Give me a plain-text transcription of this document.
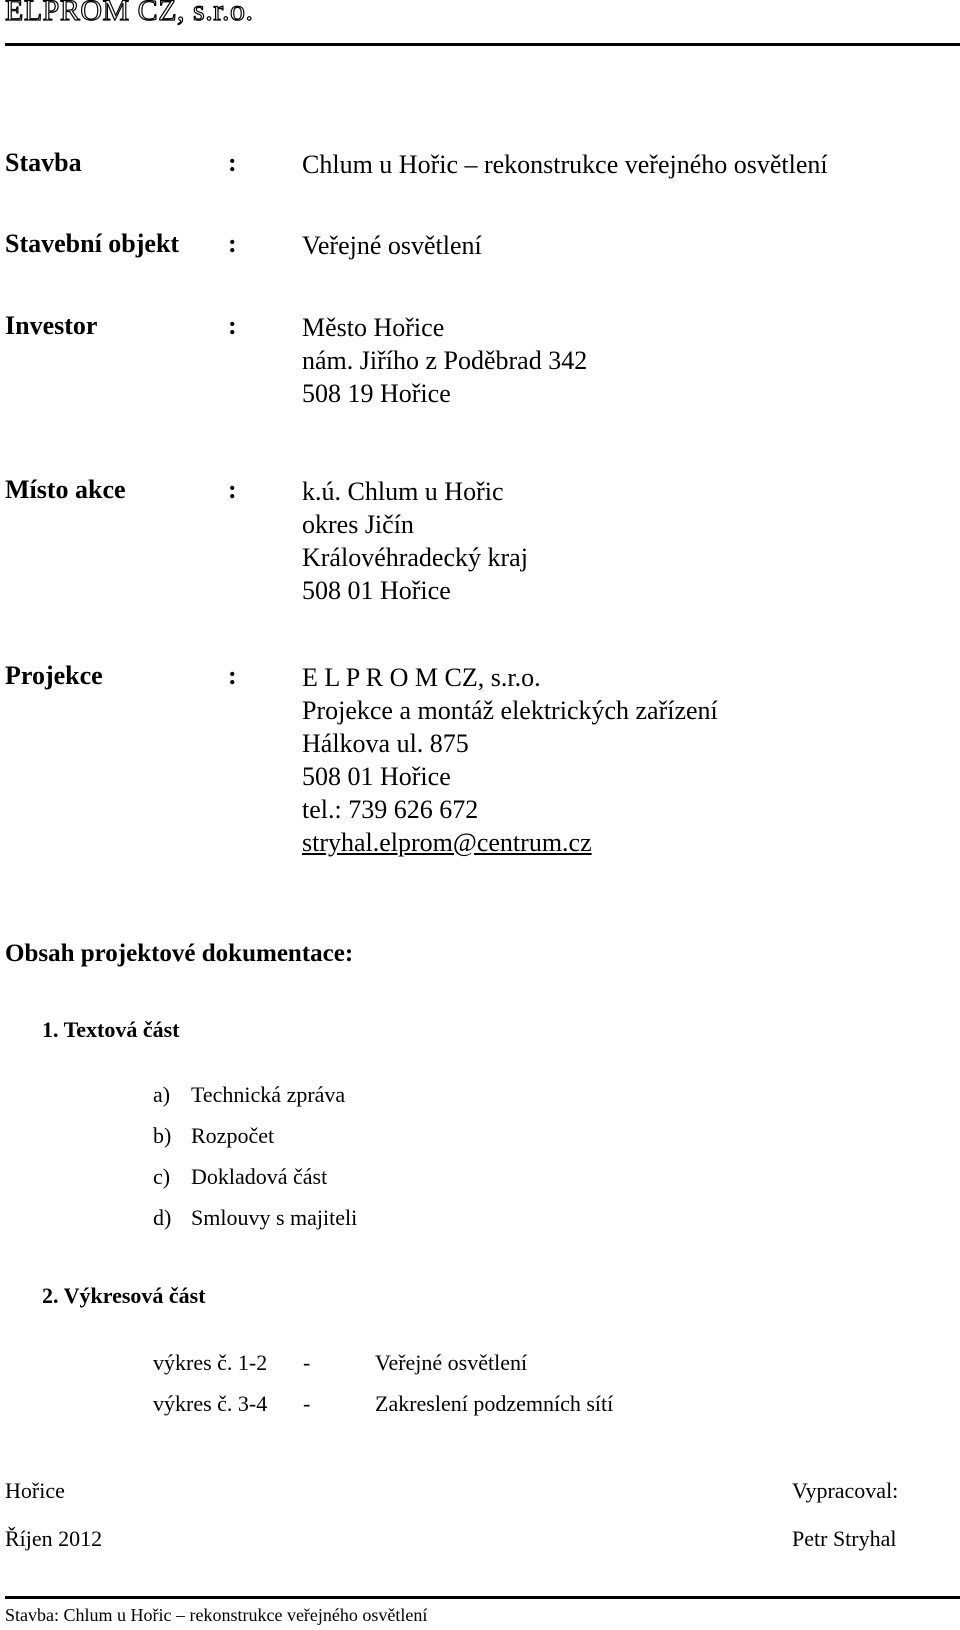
ELPROM CZ, s.r.o.
Stavba	:	Chlum u Hořic – rekonstrukce veřejného osvětlení
Stavební objekt :	Veřejné osvětlení
Investor	:	Město Hořice
nám. Jiřího z Poděbrad 342
508 19 Hořice
Místo akce	:	k.ú. Chlum u Hořic
okres Jičín
Královéhradecký kraj
508 01 Hořice
Projekce	:	E L P R O M CZ, s.r.o.
Projekce a montáž elektrických zařízení
Hálkova ul. 875
508 01 Hořice
tel.: 739 626 672
stryhal.elprom@centrum.cz
Obsah projektové dokumentace:
1. Textová část
a) Technická zpráva
b) Rozpočet
c) Dokladová část
d) Smlouvy s majiteli
2. Výkresová část
výkres č. 1-2 -	Veřejné osvětlení
výkres č. 3-4 -	Zakreslení podzemních sítí
Hořice
Říjen 2012
Vypracoval:
Petr Stryhal
Stavba: Chlum u Hořic – rekonstrukce veřejného osvětlení
